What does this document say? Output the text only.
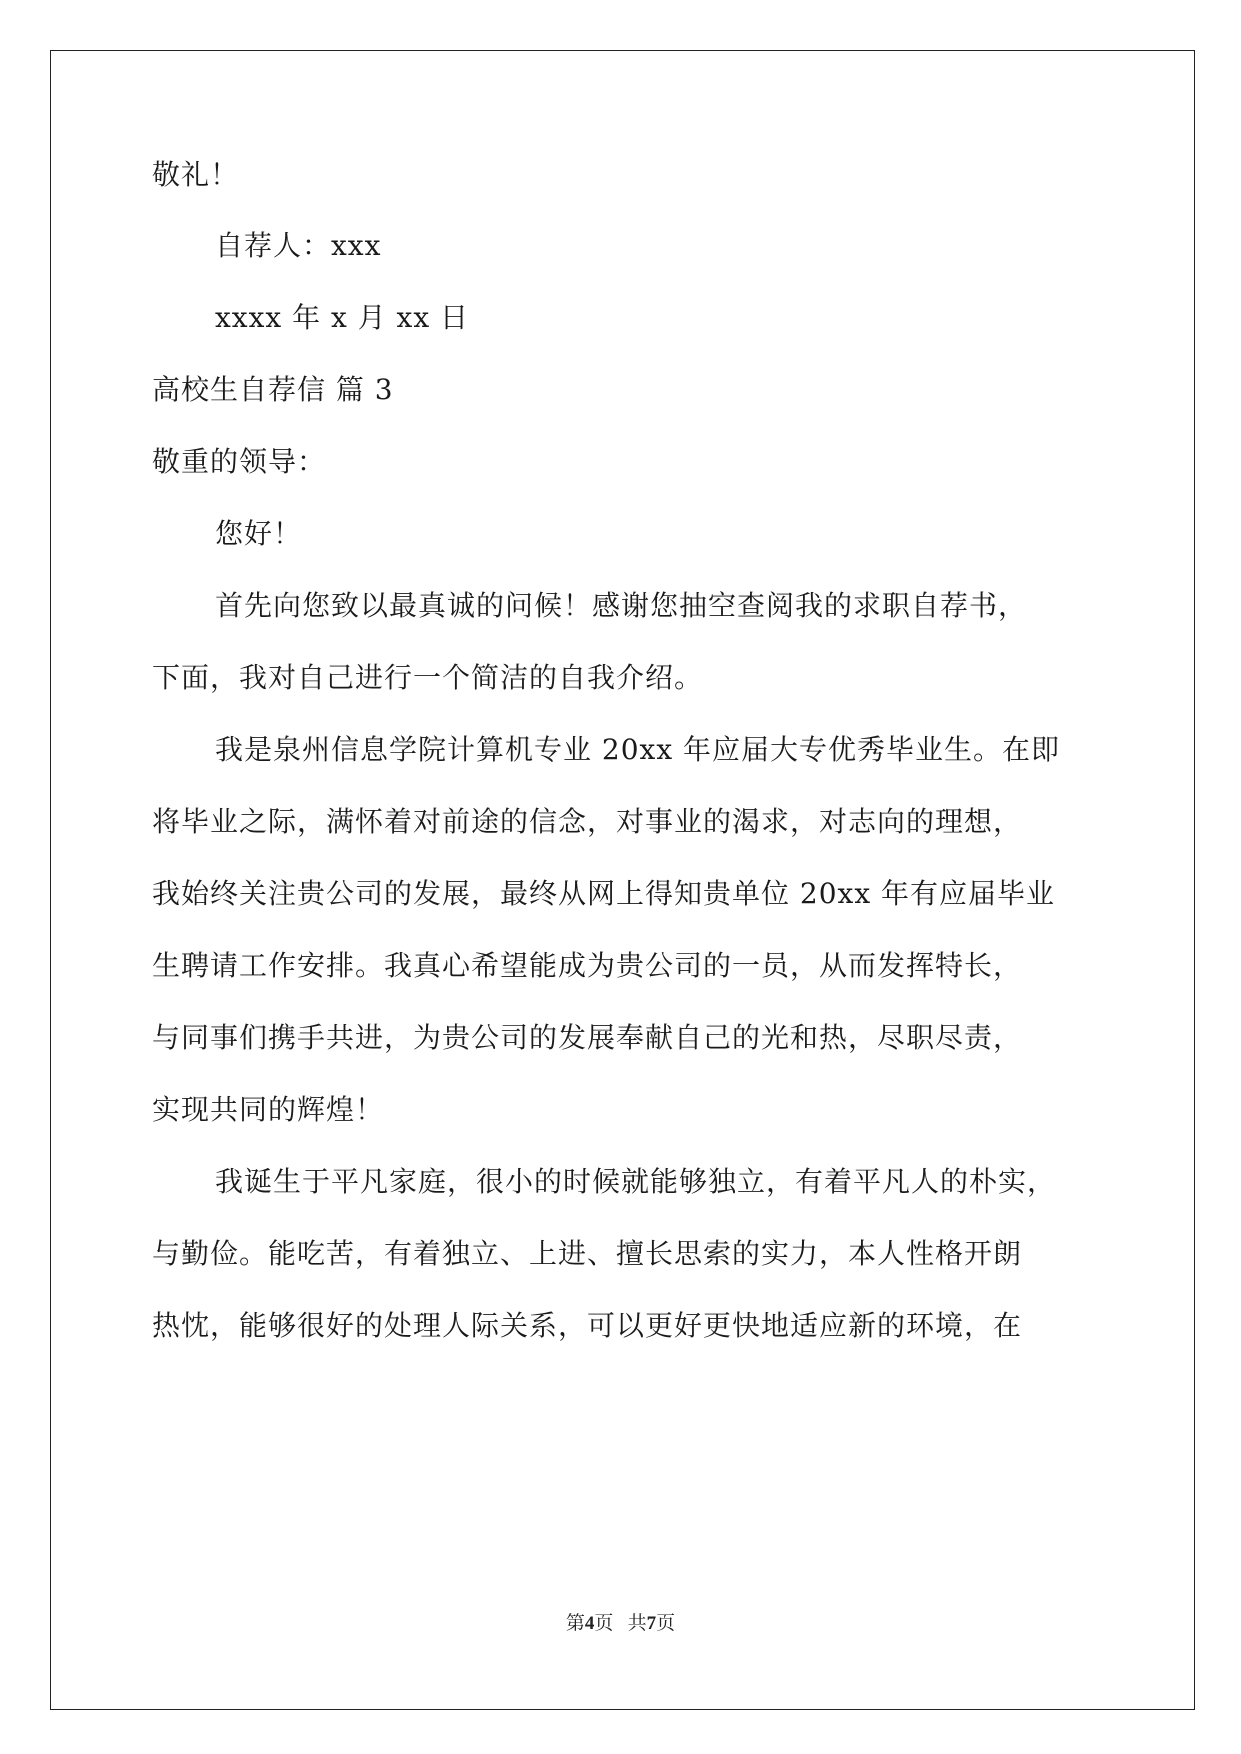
敬礼！
自荐人：xxx
xxxx 年 x 月 xx 日
高校生自荐信 篇 3
敬重的领导：
您好！
首先向您致以最真诚的问候！感谢您抽空查阅我的求职自荐书，
下面，我对自己进行一个简洁的自我介绍。
我是泉州信息学院计算机专业 20xx 年应届大专优秀毕业生。在即
将毕业之际，满怀着对前途的信念，对事业的渴求，对志向的理想，
我始终关注贵公司的发展，最终从网上得知贵单位 20xx 年有应届毕业
生聘请工作安排。我真心希望能成为贵公司的一员，从而发挥特长，
与同事们携手共进，为贵公司的发展奉献自己的光和热，尽职尽责，
实现共同的辉煌！
我诞生于平凡家庭，很小的时候就能够独立，有着平凡人的朴实，
与勤俭。能吃苦，有着独立、上进、擅长思索的实力，本人性格开朗
热忱，能够很好的处理人际关系，可以更好更快地适应新的环境，在
第4页   共7页
